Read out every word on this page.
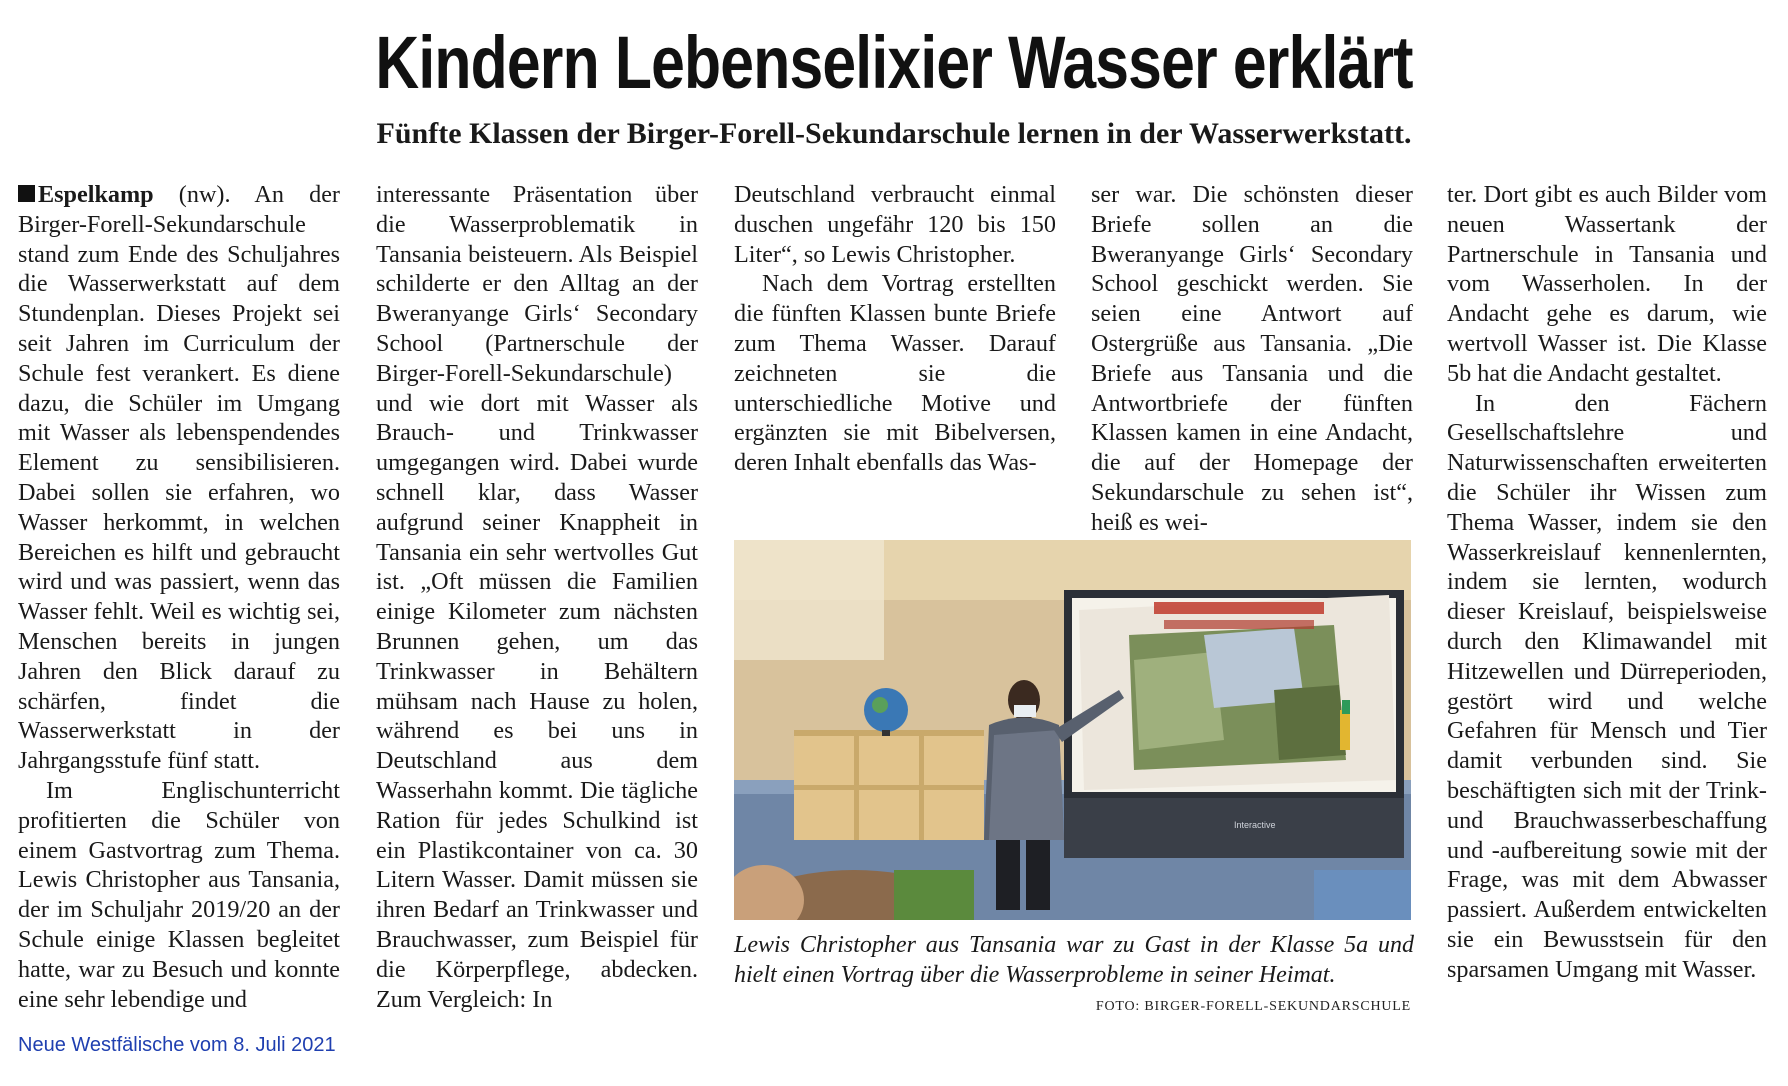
Kindern Lebenselixier Wasser erklärt
Fünfte Klassen der Birger-Forell-Sekundarschule lernen in der Wasserwerkstatt.

Espelkamp (nw). An der Birger-Forell-Sekundarschule stand zum Ende des Schuljahres die Wasserwerkstatt auf dem Stundenplan. Dieses Projekt sei seit Jahren im Curriculum der Schule fest verankert. Es diene dazu, die Schüler im Umgang mit Wasser als lebenspendendes Element zu sensibilisieren. Dabei sollen sie erfahren, wo Wasser herkommt, in welchen Bereichen es hilft und gebraucht wird und was passiert, wenn das Wasser fehlt. Weil es wichtig sei, Menschen bereits in jungen Jahren den Blick darauf zu schärfen, findet die Wasserwerkstatt in der Jahrgangsstufe fünf statt.

Im Englischunterricht profitierten die Schüler von einem Gastvortrag zum Thema. Lewis Christopher aus Tansania, der im Schuljahr 2019/20 an der Schule einige Klassen begleitet hatte, war zu Besuch und konnte eine sehr lebendige und

interessante Präsentation über die Wasserproblematik in Tansania beisteuern. Als Beispiel schilderte er den Alltag an der Bweranyange Girls‘ Secondary School (Partnerschule der Birger-Forell-Sekundarschule) und wie dort mit Wasser als Brauch- und Trinkwasser umgegangen wird. Dabei wurde schnell klar, dass Wasser aufgrund seiner Knappheit in Tansania ein sehr wertvolles Gut ist. „Oft müssen die Familien einige Kilometer zum nächsten Brunnen gehen, um das Trinkwasser in Behältern mühsam nach Hause zu holen, während es bei uns in Deutschland aus dem Wasserhahn kommt. Die tägliche Ration für jedes Schulkind ist ein Plastikcontainer von ca. 30 Litern Wasser. Damit müssen sie ihren Bedarf an Trinkwasser und Brauchwasser, zum Beispiel für die Körperpflege, abdecken. Zum Vergleich: In

Deutschland verbraucht einmal duschen ungefähr 120 bis 150 Liter“, so Lewis Christopher.

Nach dem Vortrag erstellten die fünften Klassen bunte Briefe zum Thema Wasser. Darauf zeichneten sie die unterschiedliche Motive und ergänzten sie mit Bibelversen, deren Inhalt ebenfalls das Was-

ser war. Die schönsten dieser Briefe sollen an die Bweranyange Girls‘ Secondary School geschickt werden. Sie seien eine Antwort auf Ostergrüße aus Tansania. „Die Briefe aus Tansania und die Antwortbriefe der fünften Klassen kamen in eine Andacht, die auf der Homepage der Sekundarschule zu sehen ist“, heiß es wei-

ter. Dort gibt es auch Bilder vom neuen Wassertank der Partnerschule in Tansania und vom Wasserholen. In der Andacht gehe es darum, wie wertvoll Wasser ist. Die Klasse 5b hat die Andacht gestaltet.

In den Fächern Gesellschaftslehre und Naturwissenschaften erweiterten die Schüler ihr Wissen zum Thema Wasser, indem sie den Wasserkreislauf kennenlernten, indem sie lernten, wodurch dieser Kreislauf, beispielsweise durch den Klimawandel mit Hitzewellen und Dürreperioden, gestört wird und welche Gefahren für Mensch und Tier damit verbunden sind. Sie beschäftigten sich mit der Trink- und Brauchwasserbeschaffung und -aufbereitung sowie mit der Frage, was mit dem Abwasser passiert. Außerdem entwickelten sie ein Bewusstsein für den sparsamen Umgang mit Wasser.

Interactive

Lewis Christopher aus Tansania war zu Gast in der Klasse 5a und hielt einen Vortrag über die Wasserprobleme in seiner Heimat.

FOTO: BIRGER-FORELL-SEKUNDARSCHULE
Neue Westfälische vom 8. Juli 2021
